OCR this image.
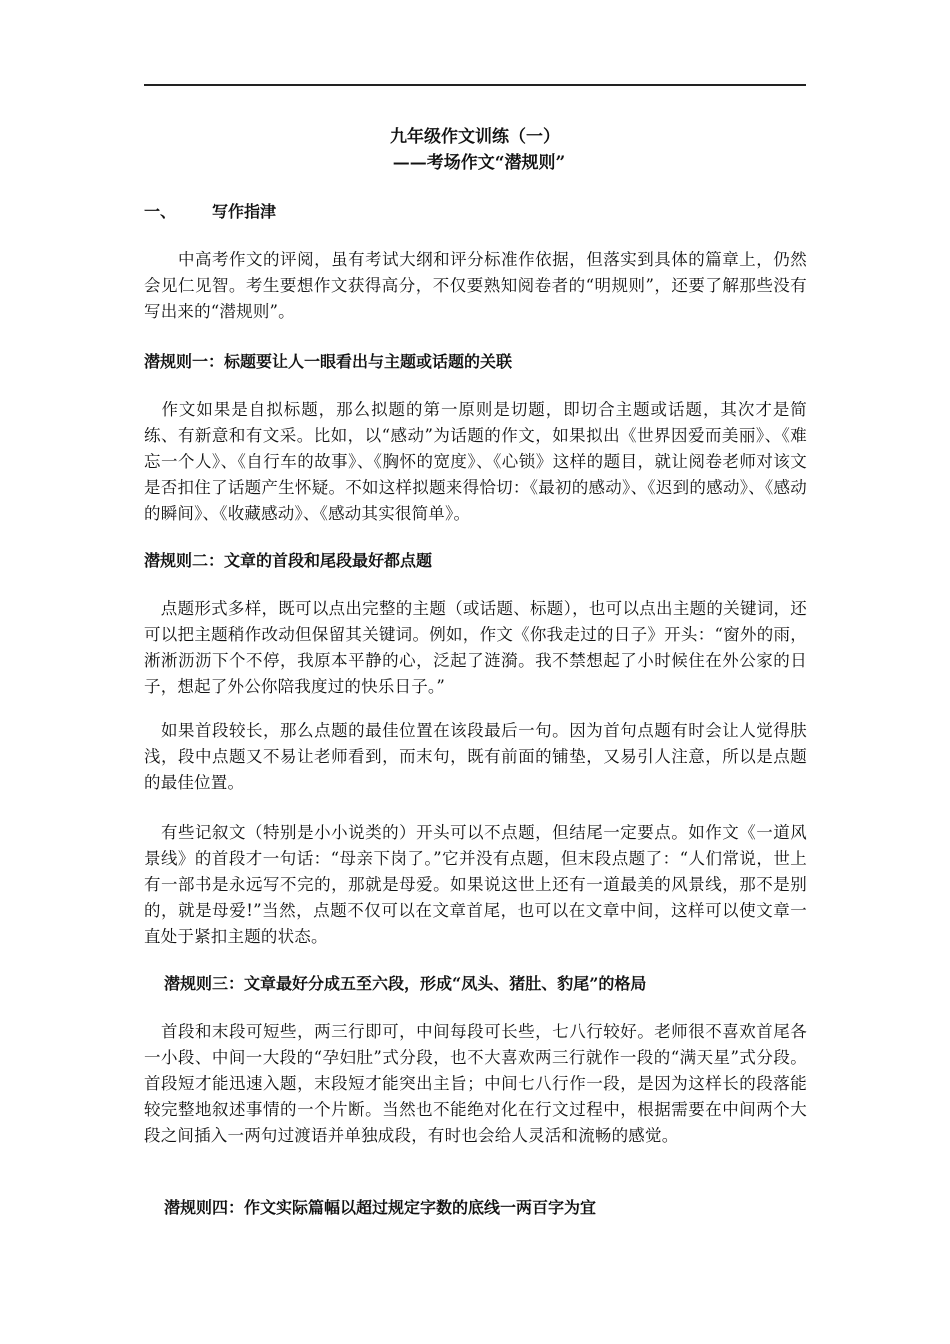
九年级作文训练（一）

——考场作文“潜规则”

一、 写作指津

　　中高考作文的评阅，虽有考试大纲和评分标准作依据，但落实到具体的篇章上，仍然会见仁见智。考生要想作文获得高分，不仅要熟知阅卷者的“明规则”，还要了解那些没有写出来的“潜规则”。

潜规则一：标题要让人一眼看出与主题或话题的关联

　作文如果是自拟标题，那么拟题的第一原则是切题，即切合主题或话题，其次才是简练、有新意和有文采。比如，以“感动”为话题的作文，如果拟出《世界因爱而美丽》、《难忘一个人》、《自行车的故事》、《胸怀的宽度》、《心锁》这样的题目，就让阅卷老师对该文是否扣住了话题产生怀疑。不如这样拟题来得恰切：《最初的感动》、《迟到的感动》、《感动的瞬间》、《收藏感动》、《感动其实很简单》。

潜规则二：文章的首段和尾段最好都点题

　点题形式多样，既可以点出完整的主题（或话题、标题），也可以点出主题的关键词，还可以把主题稍作改动但保留其关键词。例如，作文《你我走过的日子》开头：“窗外的雨，淅淅沥沥下个不停，我原本平静的心，泛起了涟漪。我不禁想起了小时候住在外公家的日子，想起了外公你陪我度过的快乐日子。”

　如果首段较长，那么点题的最佳位置在该段最后一句。因为首句点题有时会让人觉得肤浅，段中点题又不易让老师看到，而末句，既有前面的铺垫，又易引人注意，所以是点题的最佳位置。

　有些记叙文（特别是小小说类的）开头可以不点题，但结尾一定要点。如作文《一道风景线》的首段才一句话：“母亲下岗了。”它并没有点题，但末段点题了：“人们常说，世上有一部书是永远写不完的，那就是母爱。如果说这世上还有一道最美的风景线，那不是别的，就是母爱!”当然，点题不仅可以在文章首尾，也可以在文章中间，这样可以使文章一直处于紧扣主题的状态。

潜规则三：文章最好分成五至六段，形成“凤头、猪肚、豹尾”的格局

　首段和末段可短些，两三行即可，中间每段可长些，七八行较好。老师很不喜欢首尾各一小段、中间一大段的“孕妇肚”式分段，也不大喜欢两三行就作一段的“满天星”式分段。首段短才能迅速入题，末段短才能突出主旨；中间七八行作一段，是因为这样长的段落能较完整地叙述事情的一个片断。当然也不能绝对化在行文过程中，根据需要在中间两个大段之间插入一两句过渡语并单独成段，有时也会给人灵活和流畅的感觉。

潜规则四：作文实际篇幅以超过规定字数的底线一两百字为宜
